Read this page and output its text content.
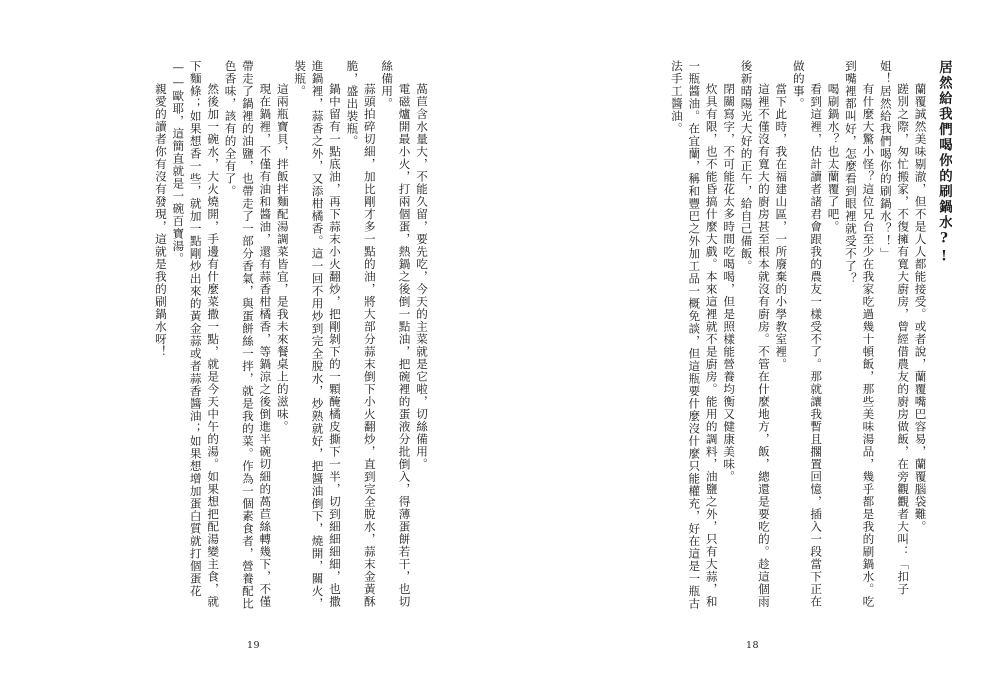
萵苣含水量大，不能久留，要先吃，今天的主菜就是它啦，切絲備用。

電磁爐開最小火，打兩個蛋，熱鍋之後倒一點油，把碗裡的蛋液分批倒入，得薄蛋餅若干，也切絲備用。

蒜頭拍碎切細，加比剛才多一點的油，將大部分蒜末倒下小火翻炒，直到完全脫水，蒜末金黃酥脆，盛出裝瓶。

鍋中留有一點底油，再下蒜末小火翻炒，把剛剝下的一顆醃橘皮撕下一半，切到細細細細，也撒進鍋裡，蒜香之外，又添柑橘香。這一回不用炒到完全脫水，炒熟就好，把醬油倒下，燒開，關火，裝瓶。

這兩瓶寶貝，拌飯拌麵配湯調菜皆宜，是我未來餐桌上的滋味。

現在鍋裡，不僅有油和醬油，還有蒜香柑橘香，等鍋涼之後倒進半碗切細的萵苣絲轉幾下，不僅帶走了鍋裡的油鹽，也帶走了一部分香氣，與蛋餅絲一拌，就是我的菜。作為一個素食者，營養配比色香味，該有的全有了。

然後加一碗水，大火燒開，手邊有什麼菜撒一點，就是今天中午的湯。如果想把配湯變主食，就下麵條；如果想香一些，就加一點剛炒出來的黃金蒜或者蒜香醬油；如果想增加蛋白質就打個蛋花——歐耶，這簡直就是一碗百寶湯。

親愛的讀者你有沒有發現，這就是我的刷鍋水呀！

19
居然給我們喝你的刷鍋水?!

蘭覆誠然美味剔澈，但不是人人都能接受。或者說，蘭覆嘴巴容易，蘭覆腦袋難。

蹉別之際，匆忙搬家，不復擁有寬大廚房，曾經借農友的廚房做飯，在旁觀觀者大叫：「扣子姐！居然給我們喝你的刷鍋水？！」

有什麼大驚小怪？這位兄台至少在我家吃過幾十頓飯，那些美味湯品，幾乎都是我的刷鍋水。吃到嘴裡都叫好，怎麼看到眼裡就受不了？

喝刷鍋水？也太蘭覆了吧。

看到這裡，估計讀者諸君會跟我的農友一樣受不了。那就讓我暫且擱置回憶，插入一段當下正在做的事。

當下此時，我在福建山區，一所廢棄的小學教室裡。

這裡不僅沒有寬大的廚房甚至根本就沒有廚房。不管在什麼地方，飯，總還是要吃的。趁這個雨後新晴陽光大好的正午，給自己備飯。

閉關寫字，不可能花太多時間吃喝喝，但是照樣能營養均衡又健康美味。

炊具有限，也不能昏搞什麼大戲。本來這裡就不是廚房。能用的調料，油鹽之外，只有大蒜，和一瓶醬油。在宜蘭，稱和豐巴之外加工品一概免談，但這瓶要什麼沒什麼只能權充，好在這是一瓶古法手工醬油。

18
